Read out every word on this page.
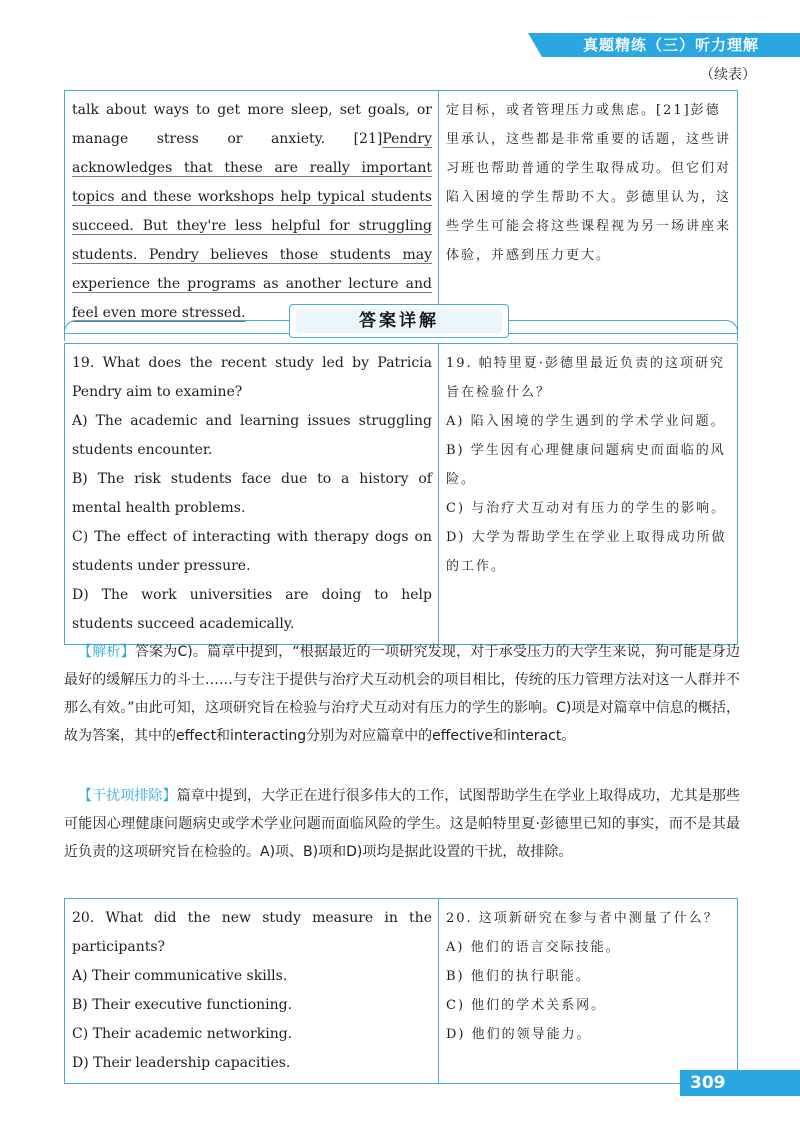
真题精练（三）听力理解
（续表）
talk about ways to get more sleep, set goals, or manage stress or anxiety. [21]Pendry acknowledges that these are really important topics and these workshops help typical students succeed. But they're less helpful for struggling students. Pendry believes those students may experience the programs as another lecture and feel even more stressed.	定目标，或者管理压力或焦虑。[21]彭德里承认，这些都是非常重要的话题，这些讲习班也帮助普通的学生取得成功。但它们对陷入困境的学生帮助不大。彭德里认为，这些学生可能会将这些课程视为另一场讲座来体验，并感到压力更大。
答案详解
19. What does the recent study led by Patricia Pendry aim to examine?
A) The academic and learning issues struggling students encounter.
B) The risk students face due to a history of mental health problems.
C) The effect of interacting with therapy dogs on students under pressure.
D) The work universities are doing to help students succeed academically.

19. 帕特里夏·彭德里最近负责的这项研究旨在检验什么？
A) 陷入困境的学生遇到的学术学业问题。
B) 学生因有心理健康问题病史而面临的风险。
C) 与治疗犬互动对有压力的学生的影响。
D) 大学为帮助学生在学业上取得成功所做的工作。
【解析】答案为C)。篇章中提到，“根据最近的一项研究发现，对于承受压力的大学生来说，狗可能是身边最好的缓解压力的斗士……与专注于提供与治疗犬互动机会的项目相比，传统的压力管理方法对这一人群并不那么有效。”由此可知，这项研究旨在检验与治疗犬互动对有压力的学生的影响。C)项是对篇章中信息的概括，故为答案，其中的effect和interacting分别为对应篇章中的effective和interact。
【干扰项排除】篇章中提到，大学正在进行很多伟大的工作，试图帮助学生在学业上取得成功，尤其是那些可能因心理健康问题病史或学术学业问题而面临风险的学生。这是帕特里夏·彭德里已知的事实，而不是其最近负责的这项研究旨在检验的。A)项、B)项和D)项均是据此设置的干扰，故排除。
20. What did the new study measure in the participants?
A) Their communicative skills.
B) Their executive functioning.
C) Their academic networking.
D) Their leadership capacities.

20. 这项新研究在参与者中测量了什么？
A) 他们的语言交际技能。
B) 他们的执行职能。
C) 他们的学术关系网。
D) 他们的领导能力。
309
